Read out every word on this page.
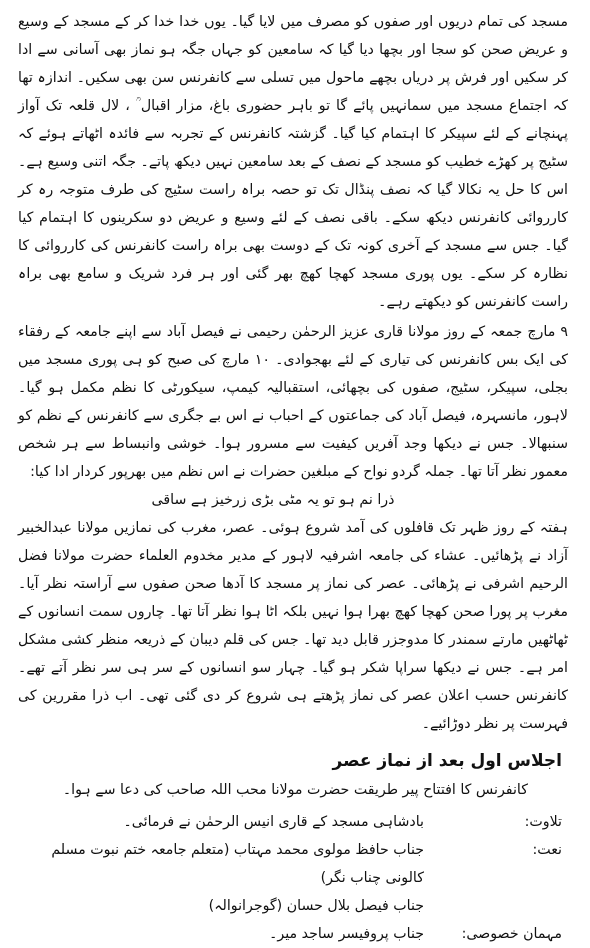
مسجد کی تمام دریوں اور صفوں کو مصرف میں لایا گیا۔ یوں خدا خدا کر کے مسجد کے وسیع و عریض صحن کو سجا اور بچھا دیا گیا کہ سامعین کو جہاں جگہ ہو نماز بھی آسانی سے ادا کر سکیں اور فرش پر دریاں بچھے ماحول میں تسلی سے کانفرنس سن بھی سکیں۔ اندازہ تھا کہ اجتماع مسجد میں سمانہیں پائے گا تو باہر حضوری باغ، مزار اقبال ؒ ، لال قلعہ تک آواز پہنچانے کے لئے سپیکر کا اہتمام کیا گیا۔ گزشتہ کانفرنس کے تجربہ سے فائدہ اٹھاتے ہوئے کہ سٹیج پر کھڑے خطیب کو مسجد کے نصف کے بعد سامعین نہیں دیکھ پاتے۔ جگہ اتنی وسیع ہے۔ اس کا حل یہ نکالا گیا کہ نصف پنڈال تک تو حصہ براہ راست سٹیج کی طرف متوجہ رہ کر کارروائی کانفرنس دیکھ سکے۔ باقی نصف کے لئے وسیع و عریض دو سکرینوں کا اہتمام کیا گیا۔ جس سے مسجد کے آخری کونہ تک کے دوست بھی براہ راست کانفرنس کی کارروائی کا نظارہ کر سکے۔ یوں پوری مسجد کھچا کھچ بھر گئی اور ہر فرد شریک و سامع بھی براہ راست کانفرنس کو دیکھتے رہے۔

۹ مارچ جمعہ کے روز مولانا قاری عزیز الرحمٰن رحیمی نے فیصل آباد سے اپنے جامعہ کے رفقاء کی ایک بس کانفرنس کی تیاری کے لئے بھجوادی۔ ۱۰ مارچ کی صبح کو ہی پوری مسجد میں بجلی، سپیکر، سٹیج، صفوں کی بچھائی، استقبالیہ کیمپ، سیکورٹی کا نظم مکمل ہو گیا۔ لاہور، مانسہرہ، فیصل آباد کی جماعتوں کے احباب نے اس بے جگری سے کانفرنس کے نظم کو سنبھالا۔ جس نے دیکھا وجد آفریں کیفیت سے مسرور ہوا۔ خوشی وانبساط سے ہر شخص معمور نظر آتا تھا۔ جملہ گردو نواح کے مبلغین حضرات نے اس نظم میں بھرپور کردار ادا کیا:

ذرا نم ہو تو یہ مٹی بڑی زرخیز ہے ساقی

ہفتہ کے روز ظہر تک قافلوں کی آمد شروع ہوئی۔ عصر، مغرب کی نمازیں مولانا عبدالخبیر آزاد نے پڑھائیں۔ عشاء کی جامعہ اشرفیہ لاہور کے مدیر مخدوم العلماء حضرت مولانا فضل الرحیم اشرفی نے پڑھائی۔ عصر کی نماز پر مسجد کا آدھا صحن صفوں سے آراستہ نظر آیا۔ مغرب پر پورا صحن کھچا کھچ بھرا ہوا نہیں بلکہ اٹا ہوا نظر آتا تھا۔ چاروں سمت انسانوں کے ٹھاٹھیں مارتے سمندر کا مدوجزر قابل دید تھا۔ جس کی قلم دیبان کے ذریعہ منظر کشی مشکل امر ہے۔ جس نے دیکھا سراپا شکر ہو گیا۔ چہار سو انسانوں کے سر ہی سر نظر آتے تھے۔ کانفرنس حسب اعلان عصر کی نماز پڑھتے ہی شروع کر دی گئی تھی۔ اب ذرا مقررین کی فہرست پر نظر دوڑائیے۔

اجلاس اول بعد از نماز عصر

کانفرنس کا افتتاح پیر طریقت حضرت مولانا محب اللہ صاحب کی دعا سے ہوا۔

تلاوت:
بادشاہی مسجد کے قاری انیس الرحمٰن نے فرمائی۔
نعت:
جناب حافظ مولوی محمد مہتاب (متعلم جامعہ ختم نبوت مسلم کالونی چناب نگر)
جناب فیصل بلال حسان (گوجرانوالہ)
مہمان خصوصی:
جناب پروفیسر ساجد میر۔
